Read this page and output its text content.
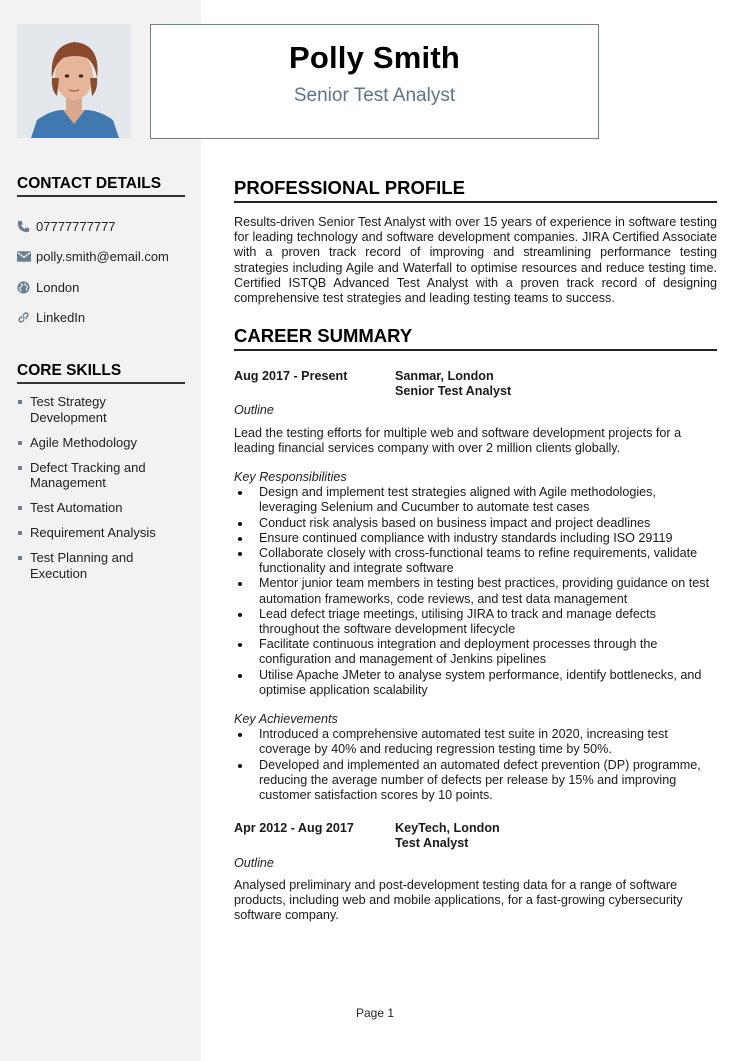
Polly Smith
Senior Test Analyst
CONTACT DETAILS
07777777777
polly.smith@email.com
London
LinkedIn
CORE SKILLS
Test Strategy Development
Agile Methodology
Defect Tracking and Management
Test Automation
Requirement Analysis
Test Planning and Execution
PROFESSIONAL PROFILE

Results-driven Senior Test Analyst with over 15 years of experience in software testing for leading technology and software development companies. JIRA Certified Associate with a proven track record of improving and streamlining performance testing strategies including Agile and Waterfall to optimise resources and reduce testing time. Certified ISTQB Advanced Test Analyst with a proven track record of designing comprehensive test strategies and leading testing teams to success.

CAREER SUMMARY
Aug 2017 - Present	Sanmar, London
Senior Test Analyst
Outline

Lead the testing efforts for multiple web and software development projects for a leading financial services company with over 2 million clients globally.

Key Responsibilities
Design and implement test strategies aligned with Agile methodologies, leveraging Selenium and Cucumber to automate test cases
Conduct risk analysis based on business impact and project deadlines
Ensure continued compliance with industry standards including ISO 29119
Collaborate closely with cross-functional teams to refine requirements, validate functionality and integrate software
Mentor junior team members in testing best practices, providing guidance on test automation frameworks, code reviews, and test data management
Lead defect triage meetings, utilising JIRA to track and manage defects throughout the software development lifecycle
Facilitate continuous integration and deployment processes through the configuration and management of Jenkins pipelines
Utilise Apache JMeter to analyse system performance, identify bottlenecks, and optimise application scalability
Key Achievements
Introduced a comprehensive automated test suite in 2020, increasing test coverage by 40% and reducing regression testing time by 50%.
Developed and implemented an automated defect prevention (DP) programme, reducing the average number of defects per release by 15% and improving customer satisfaction scores by 10 points.
Apr 2012 - Aug 2017	KeyTech, London
Test Analyst
Outline

Analysed preliminary and post-development testing data for a range of software products, including web and mobile applications, for a fast-growing cybersecurity software company.

Page 1
